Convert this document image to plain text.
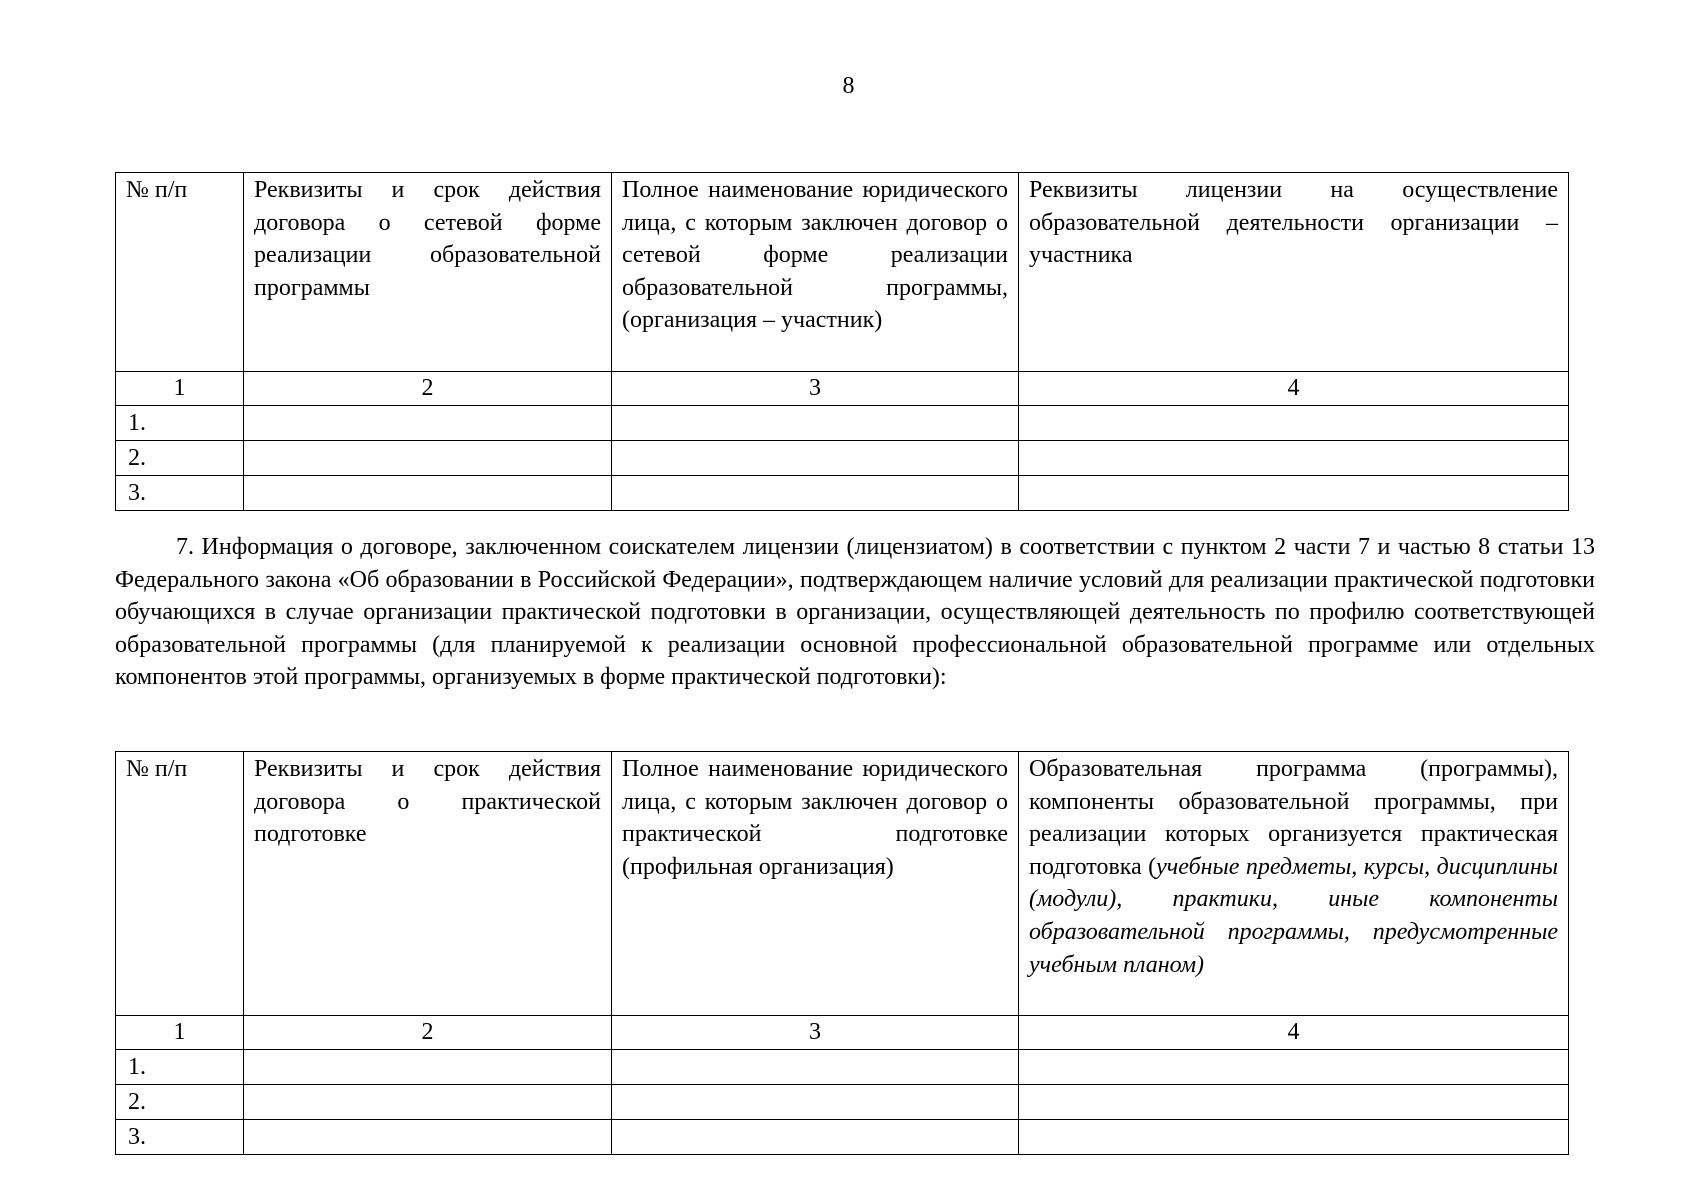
8
№ п/п	Реквизиты и срок действия договора о сетевой форме реализации образовательной программы	Полное наименование юридического лица, с которым заключен договор о сетевой форме реализации образовательной программы, (организация – участник)	Реквизиты лицензии на осуществление образовательной деятельности организации – участника
1	2	3	4
1.			
2.			
3.			
7. Информация о договоре, заключенном соискателем лицензии (лицензиатом) в соответствии с пунктом 2 части 7 и частью 8 статьи 13 Федерального закона «Об образовании в Российской Федерации», подтверждающем наличие условий для реализации практической подготовки обучающихся в случае организации практической подготовки в организации, осуществляющей деятельность по профилю соответствующей образовательной программы (для планируемой к реализации основной профессиональной образовательной программе или отдельных компонентов этой программы, организуемых в форме практической подготовки):
№ п/п	Реквизиты и срок действия договора о практической подготовке	Полное наименование юридического лица, с которым заключен договор о практической подготовке (профильная организация)	Образовательная программа (программы), компоненты образовательной программы, при реализации которых организуется практическая подготовка (учебные предметы, курсы, дисциплины (модули), практики, иные компоненты образовательной программы, предусмотренные учебным планом)
1	2	3	4
1.			
2.			
3.			
